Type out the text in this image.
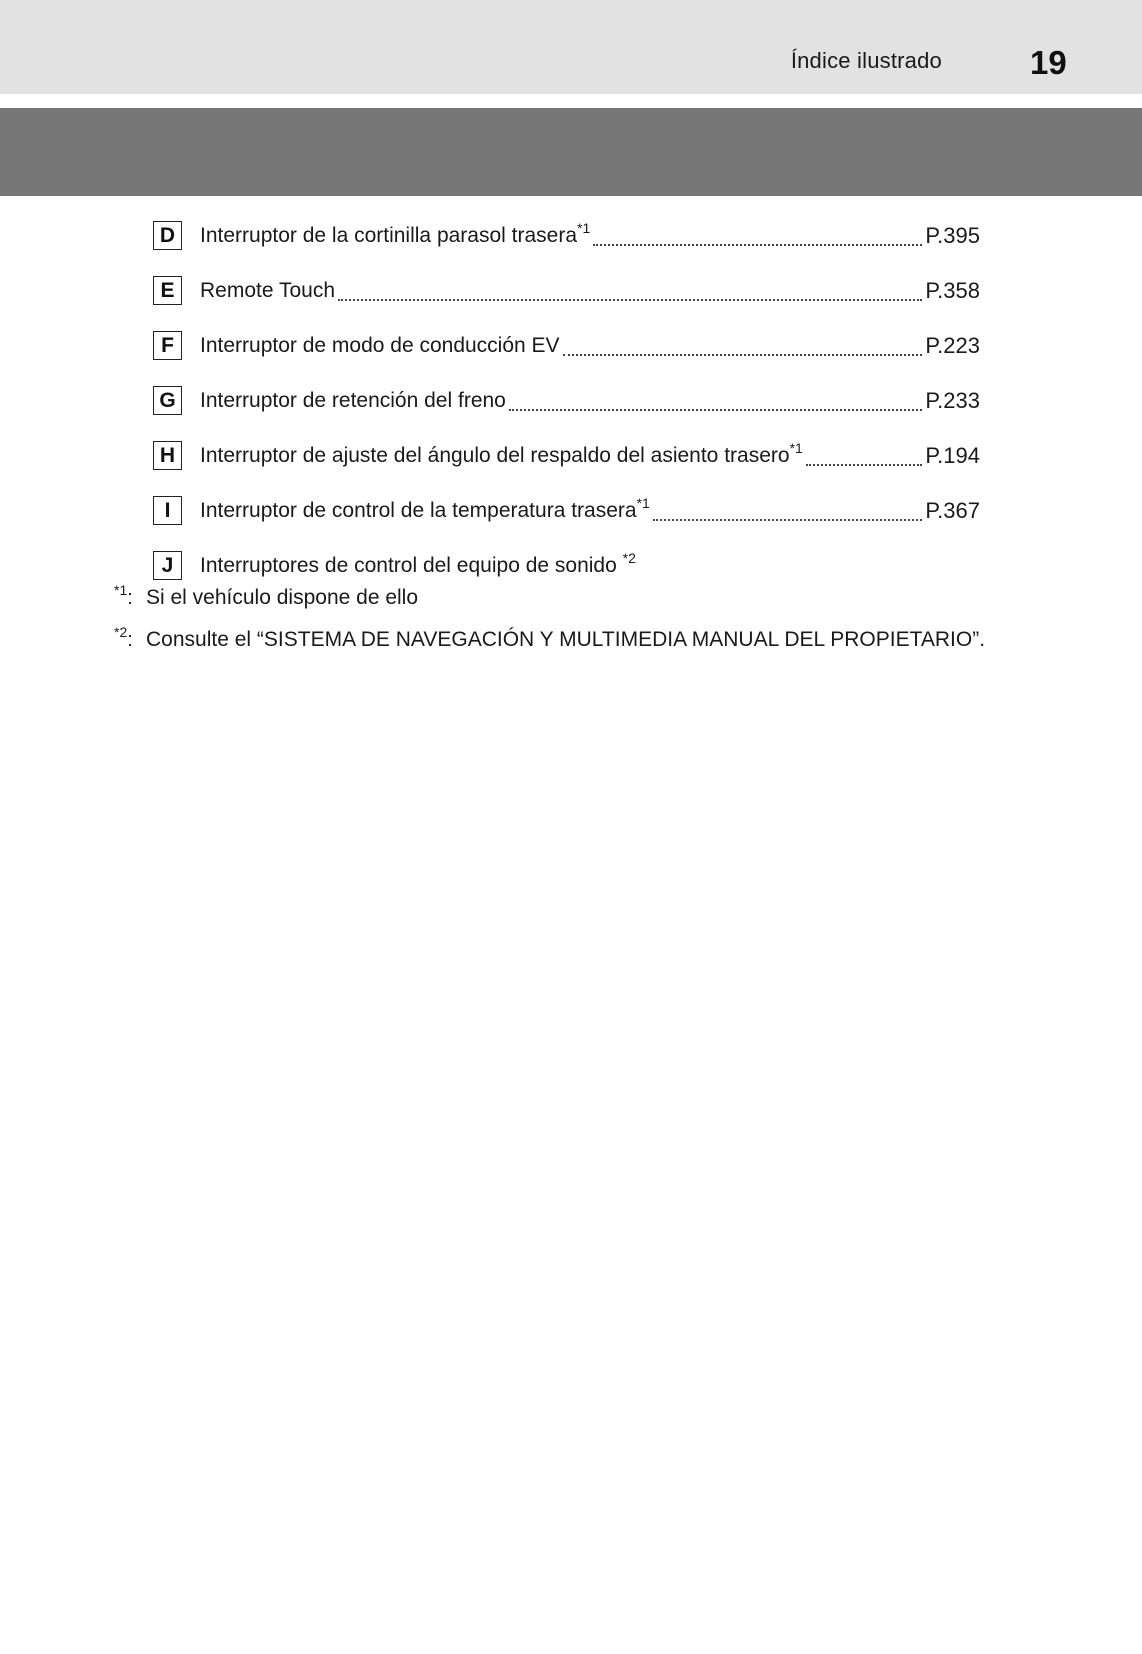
Índice ilustrado	19
D	Interruptor de la cortinilla parasol trasera$^{*1}$	P.395
E	Remote Touch	P.358
F	Interruptor de modo de conducción EV	P.223
G	Interruptor de retención del freno	P.233
H	Interruptor de ajuste del ángulo del respaldo del asiento trasero$^{*1}$	P.194
I	Interruptor de control de la temperatura trasera$^{*1}$	P.367
J	Interruptores de control del equipo de sonido $^{*2}$
$^{*1}$: Si el vehículo dispone de ello
$^{*2}$: Consulte el “SISTEMA DE NAVEGACIÓN Y MULTIMEDIA MANUAL DEL PROPIETARIO”.
